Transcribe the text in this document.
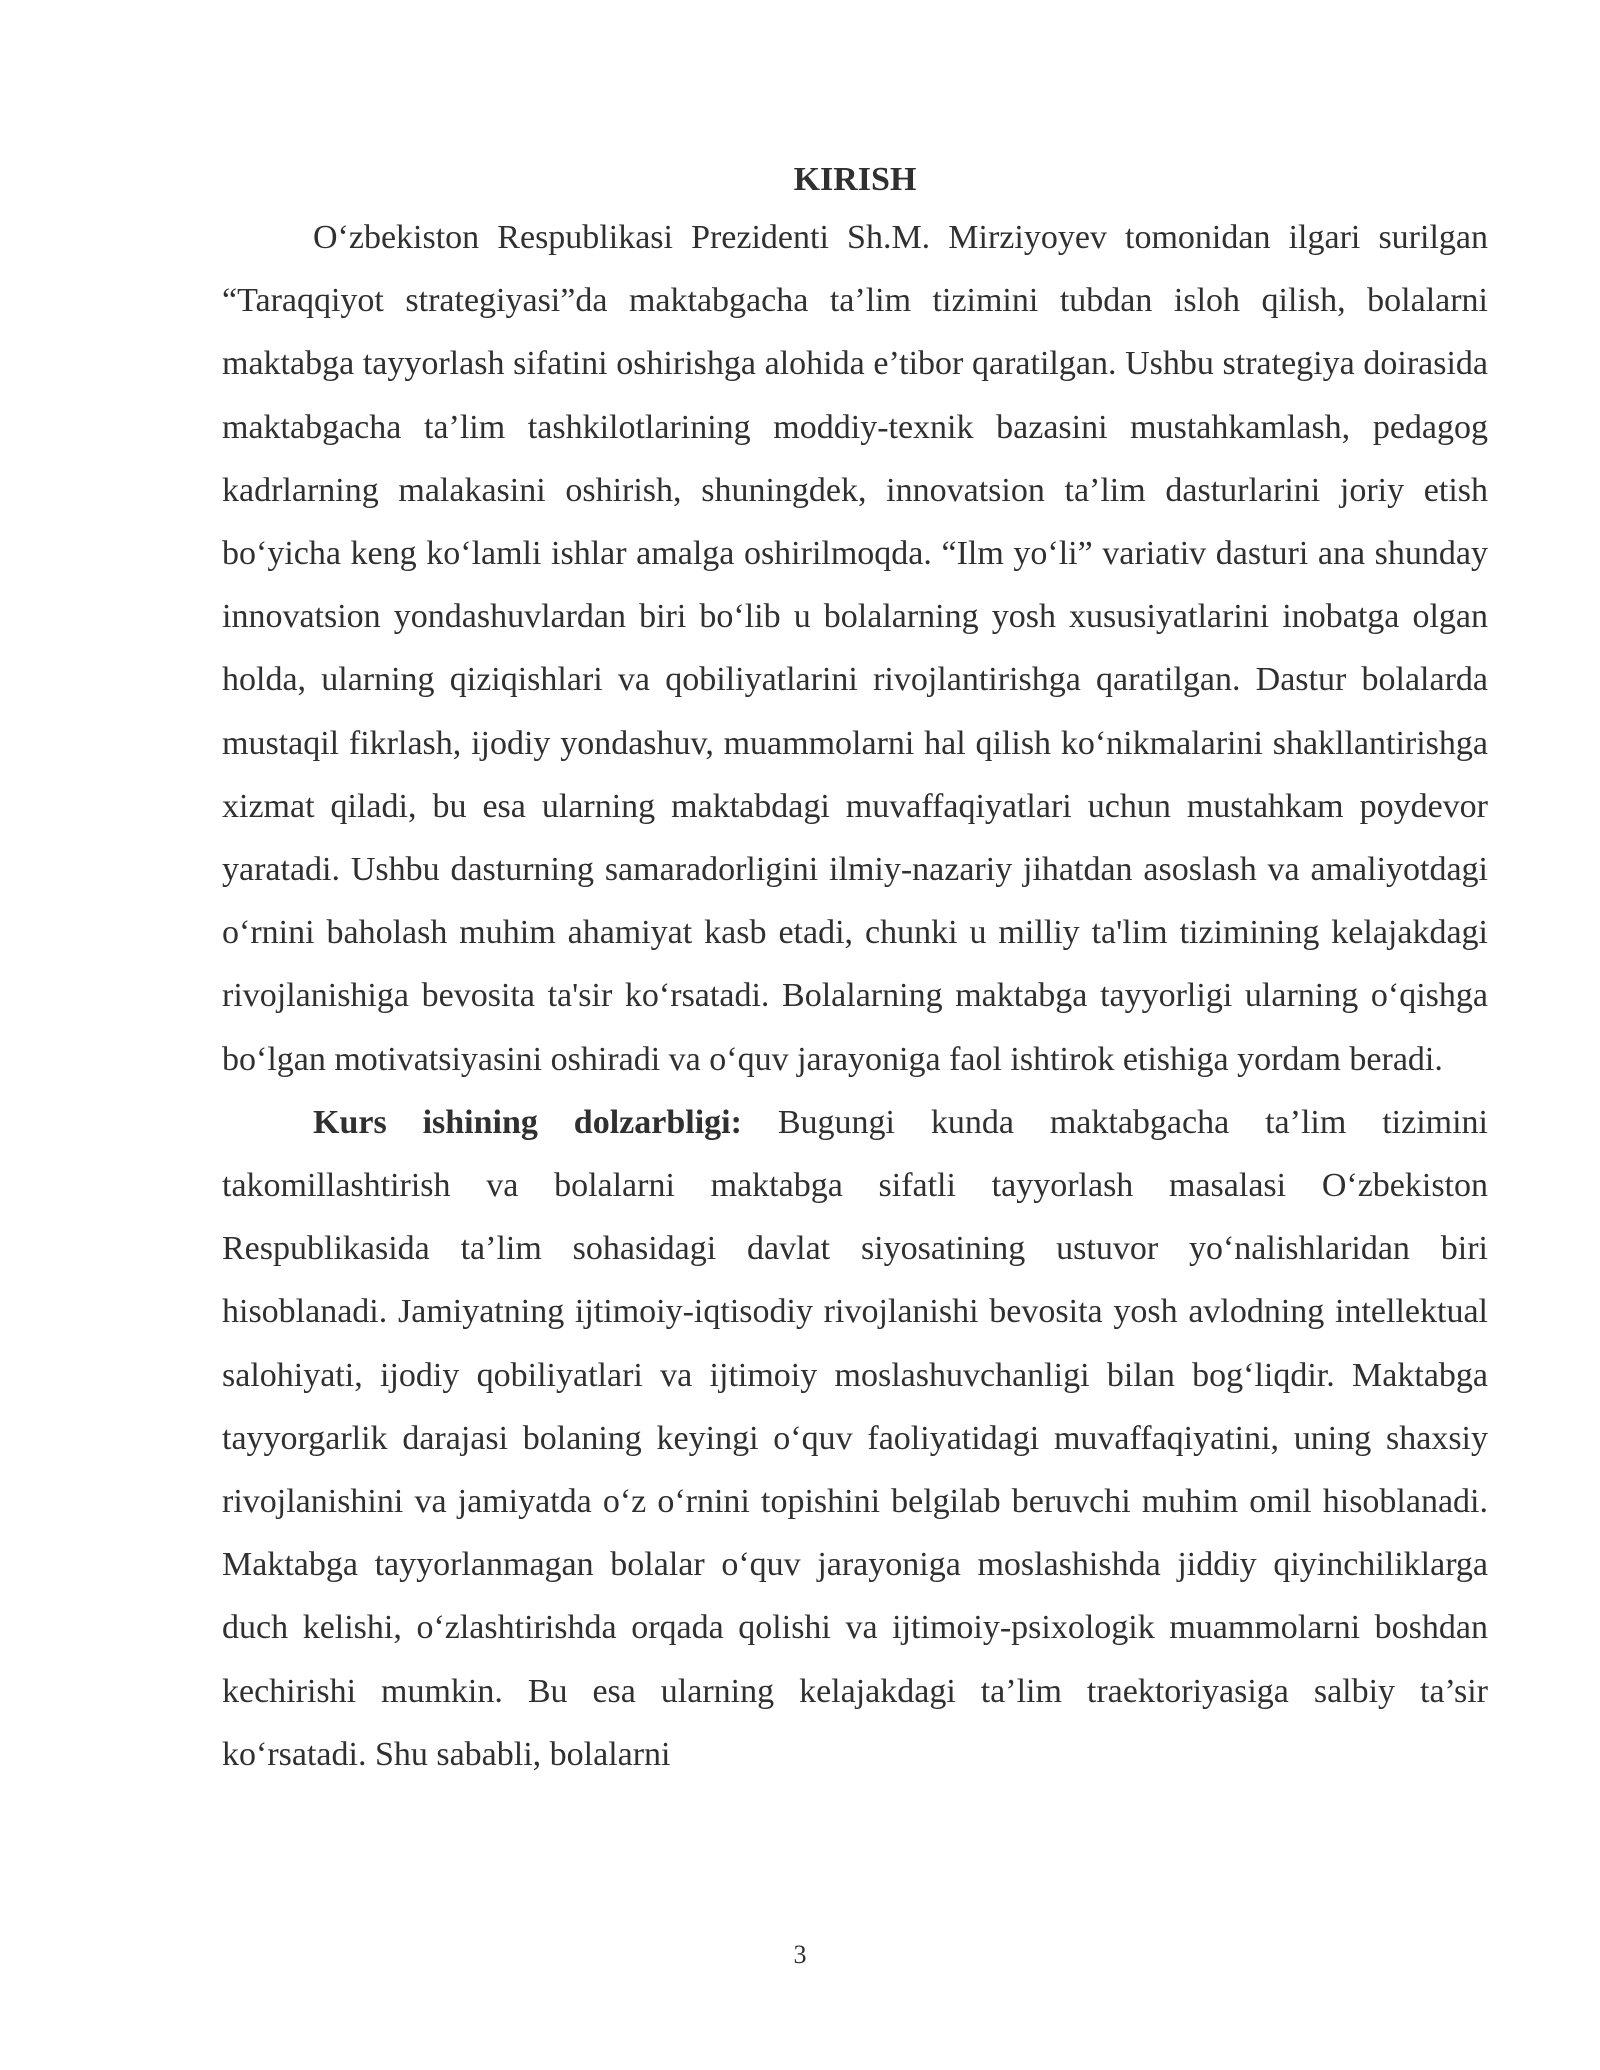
KIRISH

O‘zbekiston Respublikasi Prezidenti Sh.M. Mirziyoyev tomonidan ilgari surilgan “Taraqqiyot strategiyasi”da maktabgacha ta’lim tizimini tubdan isloh qilish, bolalarni maktabga tayyorlash sifatini oshirishga alohida e’tibor qaratilgan. Ushbu strategiya doirasida maktabgacha ta’lim tashkilotlarining moddiy-texnik bazasini mustahkamlash, pedagog kadrlarning malakasini oshirish, shuningdek, innovatsion ta’lim dasturlarini joriy etish bo‘yicha keng ko‘lamli ishlar amalga oshirilmoqda. “Ilm yo‘li” variativ dasturi ana shunday innovatsion yondashuvlardan biri bo‘lib u bolalarning yosh xususiyatlarini inobatga olgan holda, ularning qiziqishlari va qobiliyatlarini rivojlantirishga qaratilgan. Dastur bolalarda mustaqil fikrlash, ijodiy yondashuv, muammolarni hal qilish ko‘nikmalarini shakllantirishga xizmat qiladi, bu esa ularning maktabdagi muvaffaqiyatlari uchun mustahkam poydevor yaratadi. Ushbu dasturning samaradorligini ilmiy-nazariy jihatdan asoslash va amaliyotdagi o‘rnini baholash muhim ahamiyat kasb etadi, chunki u milliy ta'lim tizimining kelajakdagi rivojlanishiga bevosita ta'sir ko‘rsatadi. Bolalarning maktabga tayyorligi ularning o‘qishga bo‘lgan motivatsiyasini oshiradi va o‘quv jarayoniga faol ishtirok etishiga yordam beradi.

Kurs ishining dolzarbligi: Bugungi kunda maktabgacha ta’lim tizimini takomillashtirish va bolalarni maktabga sifatli tayyorlash masalasi O‘zbekiston Respublikasida ta’lim sohasidagi davlat siyosatining ustuvor yo‘nalishlaridan biri hisoblanadi. Jamiyatning ijtimoiy-iqtisodiy rivojlanishi bevosita yosh avlodning intellektual salohiyati, ijodiy qobiliyatlari va ijtimoiy moslashuvchanligi bilan bog‘liqdir. Maktabga tayyorgarlik darajasi bolaning keyingi o‘quv faoliyatidagi muvaffaqiyatini, uning shaxsiy rivojlanishini va jamiyatda o‘z o‘rnini topishini belgilab beruvchi muhim omil hisoblanadi. Maktabga tayyorlanmagan bolalar o‘quv jarayoniga moslashishda jiddiy qiyinchiliklarga duch kelishi, o‘zlashtirishda orqada qolishi va ijtimoiy-psixologik muammolarni boshdan kechirishi mumkin. Bu esa ularning kelajakdagi ta’lim traektoriyasiga salbiy ta’sir ko‘rsatadi. Shu sababli, bolalarni

3
